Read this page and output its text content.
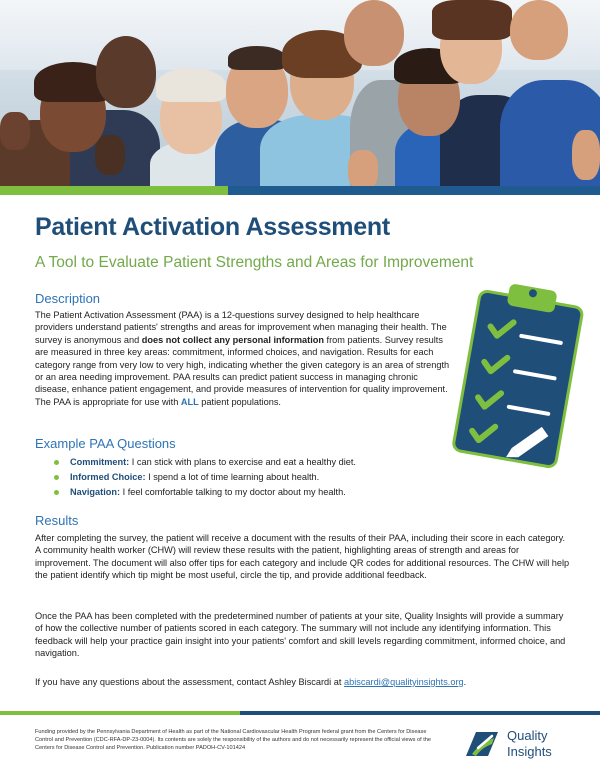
Patient Activation Assessment

A Tool to Evaluate Patient Strengths and Areas for Improvement

Description

The Patient Activation Assessment (PAA) is a 12-questions survey designed to help healthcare providers understand patients' strengths and areas for improvement when managing their health. The survey is anonymous and does not collect any personal information from patients. Survey results are measured in three key areas: commitment, informed choices, and navigation. Results for each category range from very low to very high, indicating whether the given category is an area of strength or an area needing improvement. PAA results can predict patient success in managing chronic disease, enhance patient engagement, and provide measures of intervention for quality improvement. The PAA is appropriate for use with ALL patient populations.

Example PAA Questions
Commitment: I can stick with plans to exercise and eat a healthy diet.
Informed Choice: I spend a lot of time learning about health.
Navigation: I feel comfortable talking to my doctor about my health.
Results

After completing the survey, the patient will receive a document with the results of their PAA, including their score in each category. A community health worker (CHW) will review these results with the patient, highlighting areas of strength and areas for improvement. The document will also offer tips for each category and include QR codes for additional resources. The CHW will help the patient identify which tip might be most useful, circle the tip, and provide additional feedback.

Once the PAA has been completed with the predetermined number of patients at your site, Quality Insights will provide a summary of how the collective number of patients scored in each category. The summary will not include any identifying information. This feedback will help your practice gain insight into your patients' comfort and skill levels regarding commitment, informed choice, and navigation.

If you have any questions about the assessment, contact Ashley Biscardi at abiscardi@qualityinsights.org.

Funding provided by the Pennsylvania Department of Health as part of the National Cardiovascular Health Program federal grant from the Centers for Disease Control and Prevention (CDC-RFA-DP-23-0004). Its contents are solely the responsibility of the authors and do not necessarily represent the official views of the Centers for Disease Control and Prevention. Publication number PADOH-CV-101424

Quality
Insights
